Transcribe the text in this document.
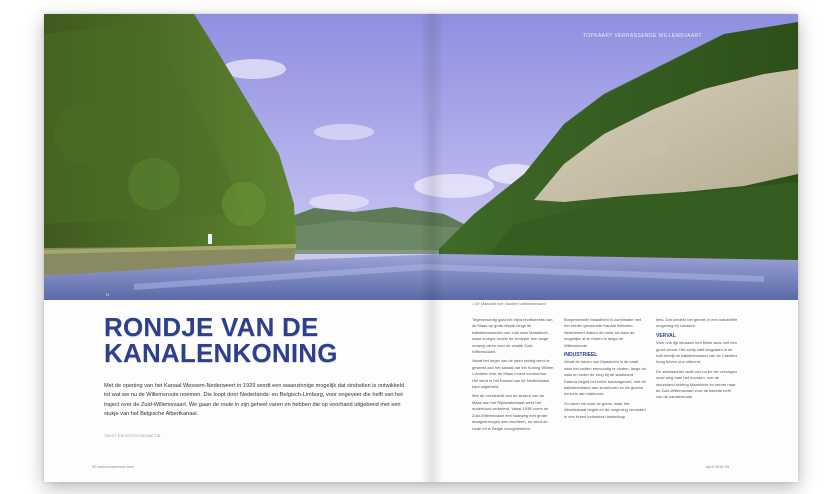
TOPKAART VERRASSENDE WILLEMSVAART
N
• De Maasdal met Vaalder kalksteenwand
RONDJE VAN DE
KANALENKONING
Met de opening van het Kanaal Wessem-Nederweert in 1929 wordt een waanzinnige mogelijk dat sindsdien is ontwikkeld tot wat we nu de Willemsroute noemen. Die loopt door Nederlands- en Belgisch-Limburg, voor ongeveer die helft van het traject over de Zuid-Willemsvaart. We gaan de route in zijn geheel varen en hebben die op voorhand uitgebreid met een stukje van het Belgische Albertkanaal.
TEKST EN FOTO'S REDACTIE

Tegenwoordig gaat het bijna rechtstreeks van de Maas op grote diepte langs de kalksteenwanden van Luik naar Maastricht, maar vroeger moest de schipper een lange omweg varen over de smalle Zuid-Willemsvaart.

Vanaf het begin van de jaren twintig werd er gewerkt aan het kanaal dat het Koning Willem I-verkeer over de Maas moest voorkomen. Het werd in het Kanaal van de Nederlandse kant uitgebreid.

Met de overdracht van de sluizen van de Maas aan het Rijkswaterstaat werd het onderhoud verbeterd. Vanaf 1935 vormt de Zuid-Willemsvaart een vaarweg met groter draagvermogen dan voorheen, en werd de route tot in Belgie doorgetrokken.

Burgemeester Maastricht in combinatie met het eerder genoemde Kanaal Wessem-Nederweert maken de route tot waar de mogelijke af te vinden is langs de Willemsroute.

INDUSTRIEEL

Vanaf de haven van Maastricht is de vaart naar het zuiden eenvoudig te vinden, langs de sluis en onder de brug bij de stadsrand. Daarna begint het echte kanaalgevoel, met de kalksteenwand aan stuurboord en de groene heuvels aan bakboord.

Zo varen we naar de grens, waar het Albertkanaal begint en de omgeving verandert in een breed industrieel landschap.

lens. Dat ontdekt het geheel in een industriële omgeving bij Lanaken.

VERVAL

Voor ons ligt intussen een flinke sluis met een groot verval. Het schip zakt langzaam in de kolk terwijl de kalksteenwand van de Caestert hoog boven ons uittorent.

De sluiswachter wuift ons na en we vervolgen onze weg naar het noorden, met de stuurstand richting Maastricht en verder naar de Zuid-Willemsvaart voor de tweede helft van de kanalenroute.

92 www.motorboot.com	april 2016 93
